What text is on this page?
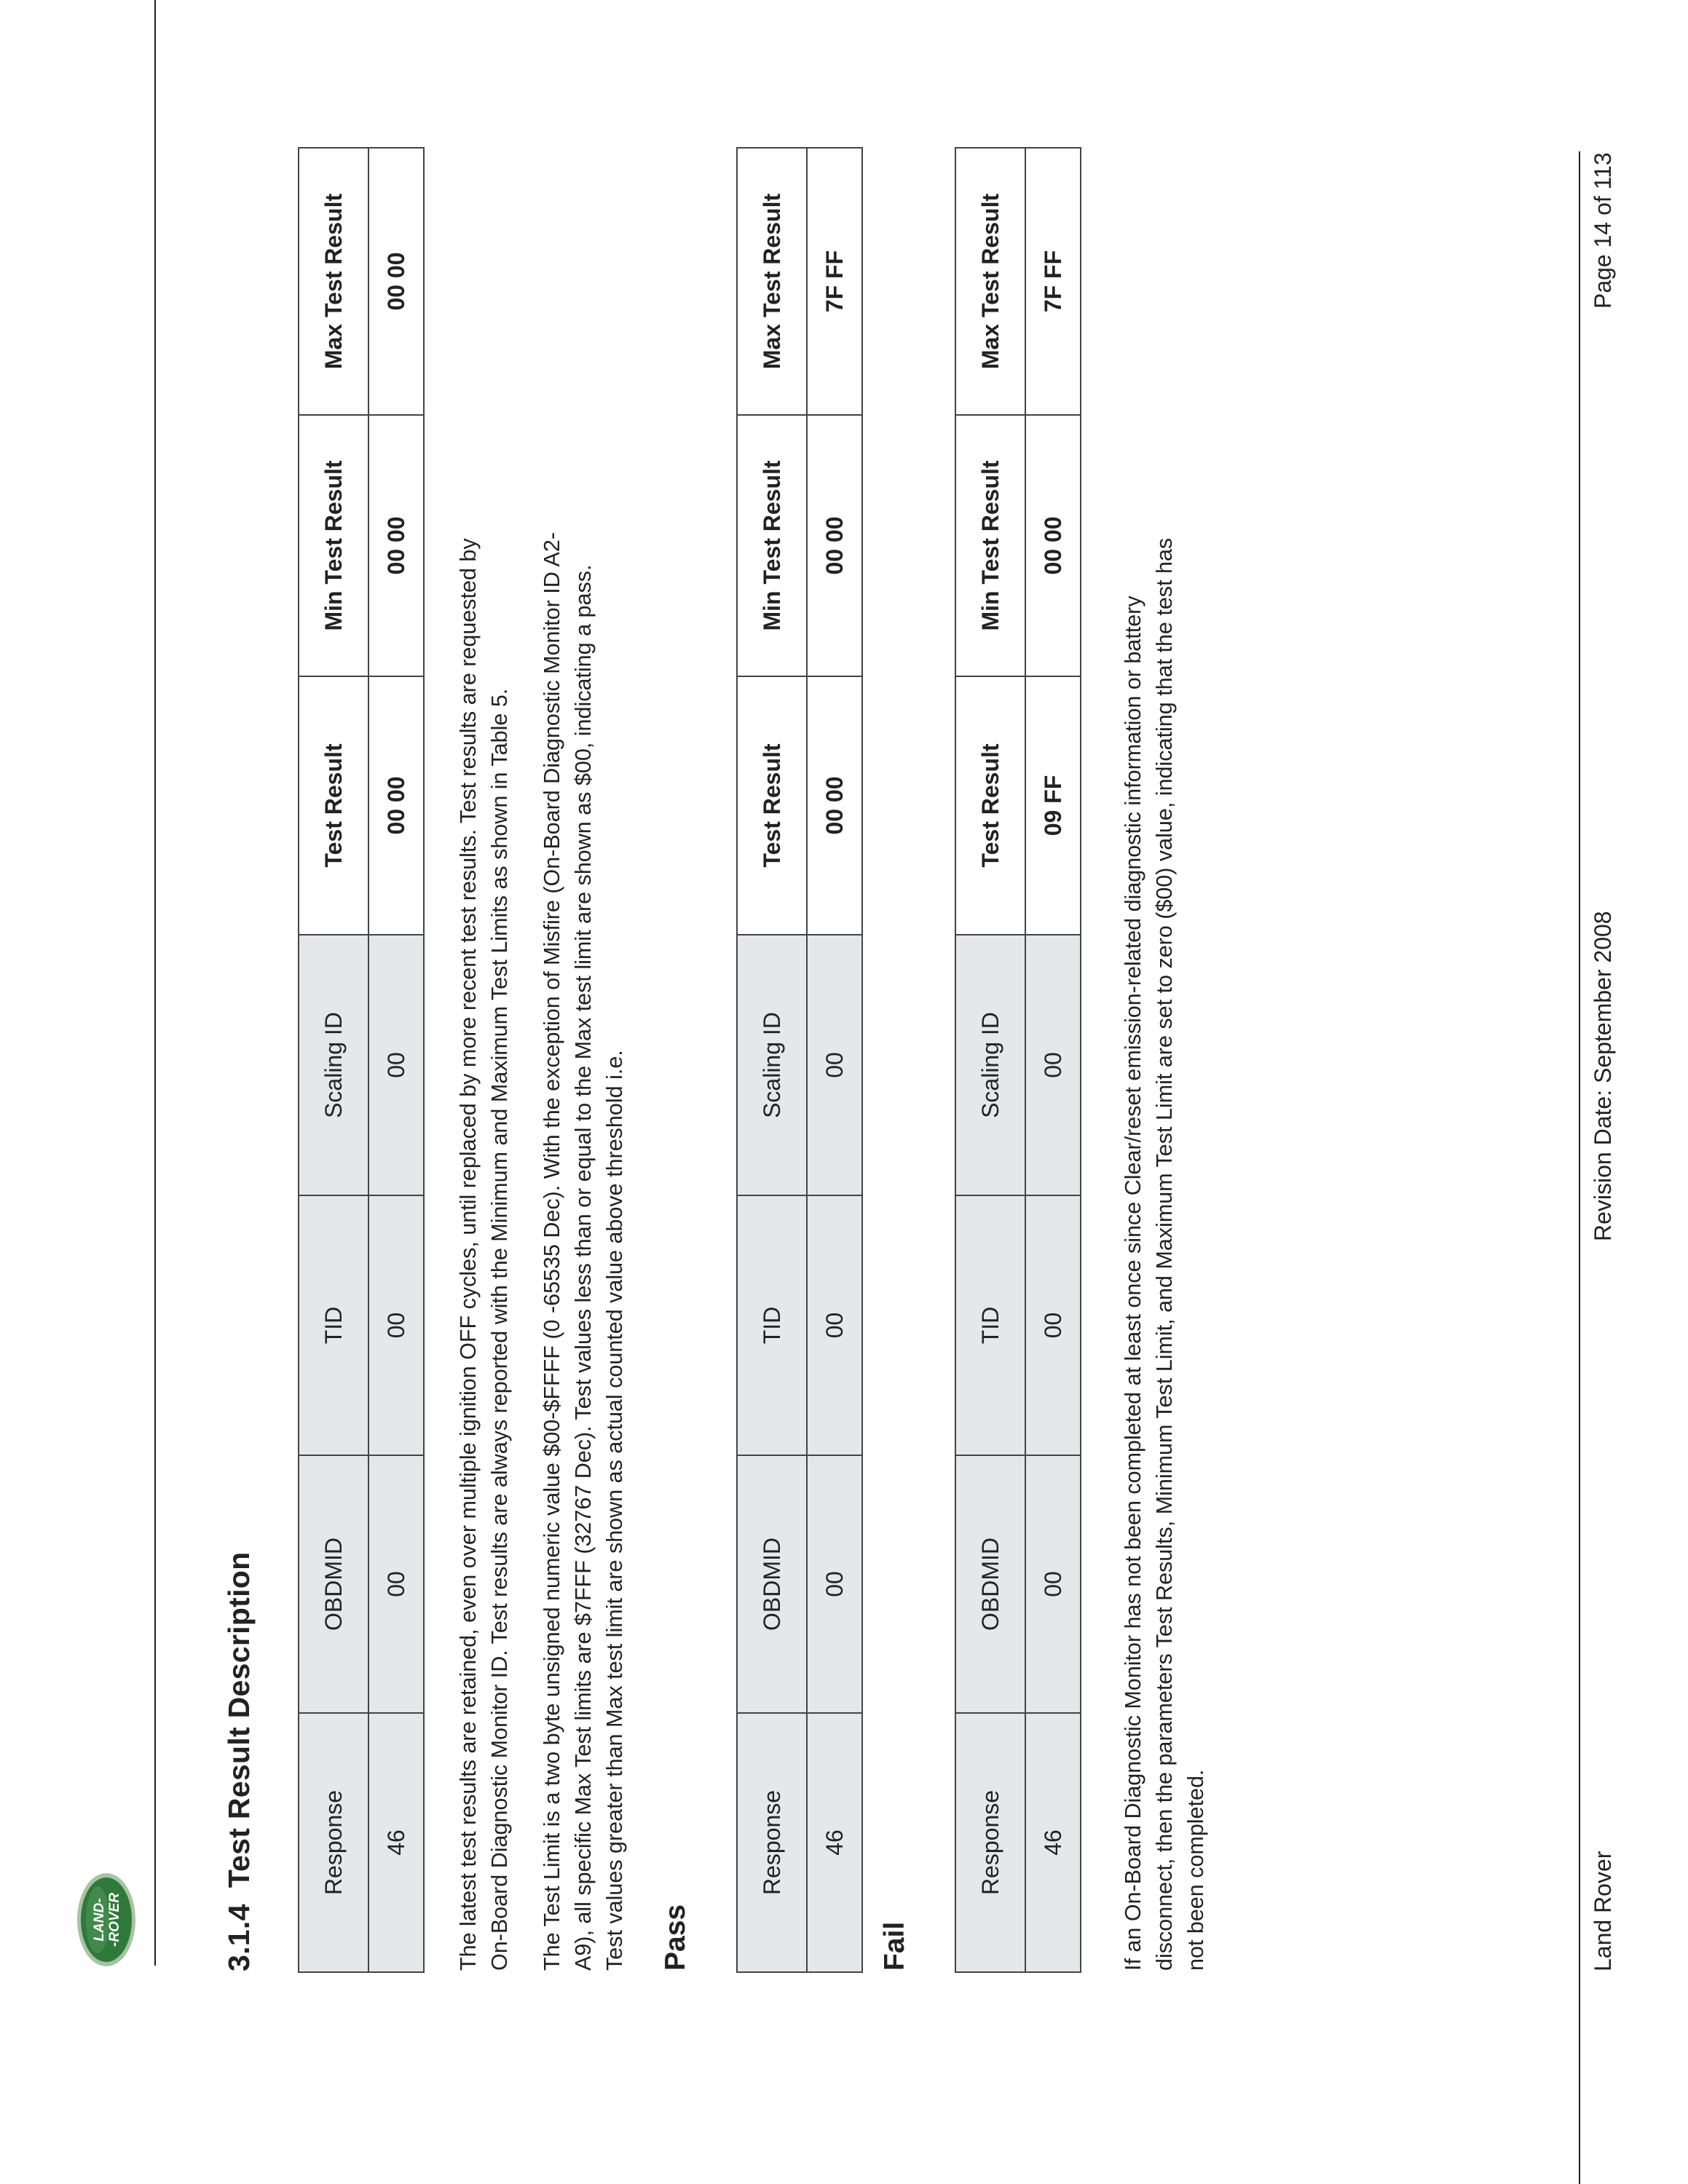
LAND- -ROVER	3.1.4Test Result Description	Response	OBDMID	TID	Scaling ID	Test Result	Min Test Result	Max Test Result
46	00	00	00	00 00	00 00	00 00

The latest test results are retained, even over multiple ignition OFF cycles, until replaced by more recent test results. Test results are requested by On-Board Diagnostic Monitor ID. Test results are always reported with the Minimum and Maximum Test Limits as shown in Table 5. The Test Limit is a two byte unsigned numeric value $00-$FFFF (0 -65535 Dec). With the exception of Misfire (On-Board Diagnostic Monitor ID A2- A9), all specific Max Test limits are $7FFF (32767 Dec). Test values less than or equal to the Max test limit are shown as $00, indicating a pass. Test values greater than Max test limit are shown as actual counted value above threshold i.e. Pass
Response	OBDMID	TID	Scaling ID	Test Result	Min Test Result	Max Test Result
46	00	00	00	00 00	00 00	7F FF
Fail
Response	OBDMID	TID	Scaling ID	Test Result	Min Test Result	Max Test Result
46	00	00	00	09 FF	00 00	7F FF

If an On-Board Diagnostic Monitor has not been completed at least once since Clear/reset emission-related diagnostic information or battery disconnect, then the parameters Test Results, Minimum Test Limit, and Maximum Test Limit are set to zero ($00) value, indicating that the test has not been completed.	Land Rover
Revision Date: September 2008
Page 14 of 113
